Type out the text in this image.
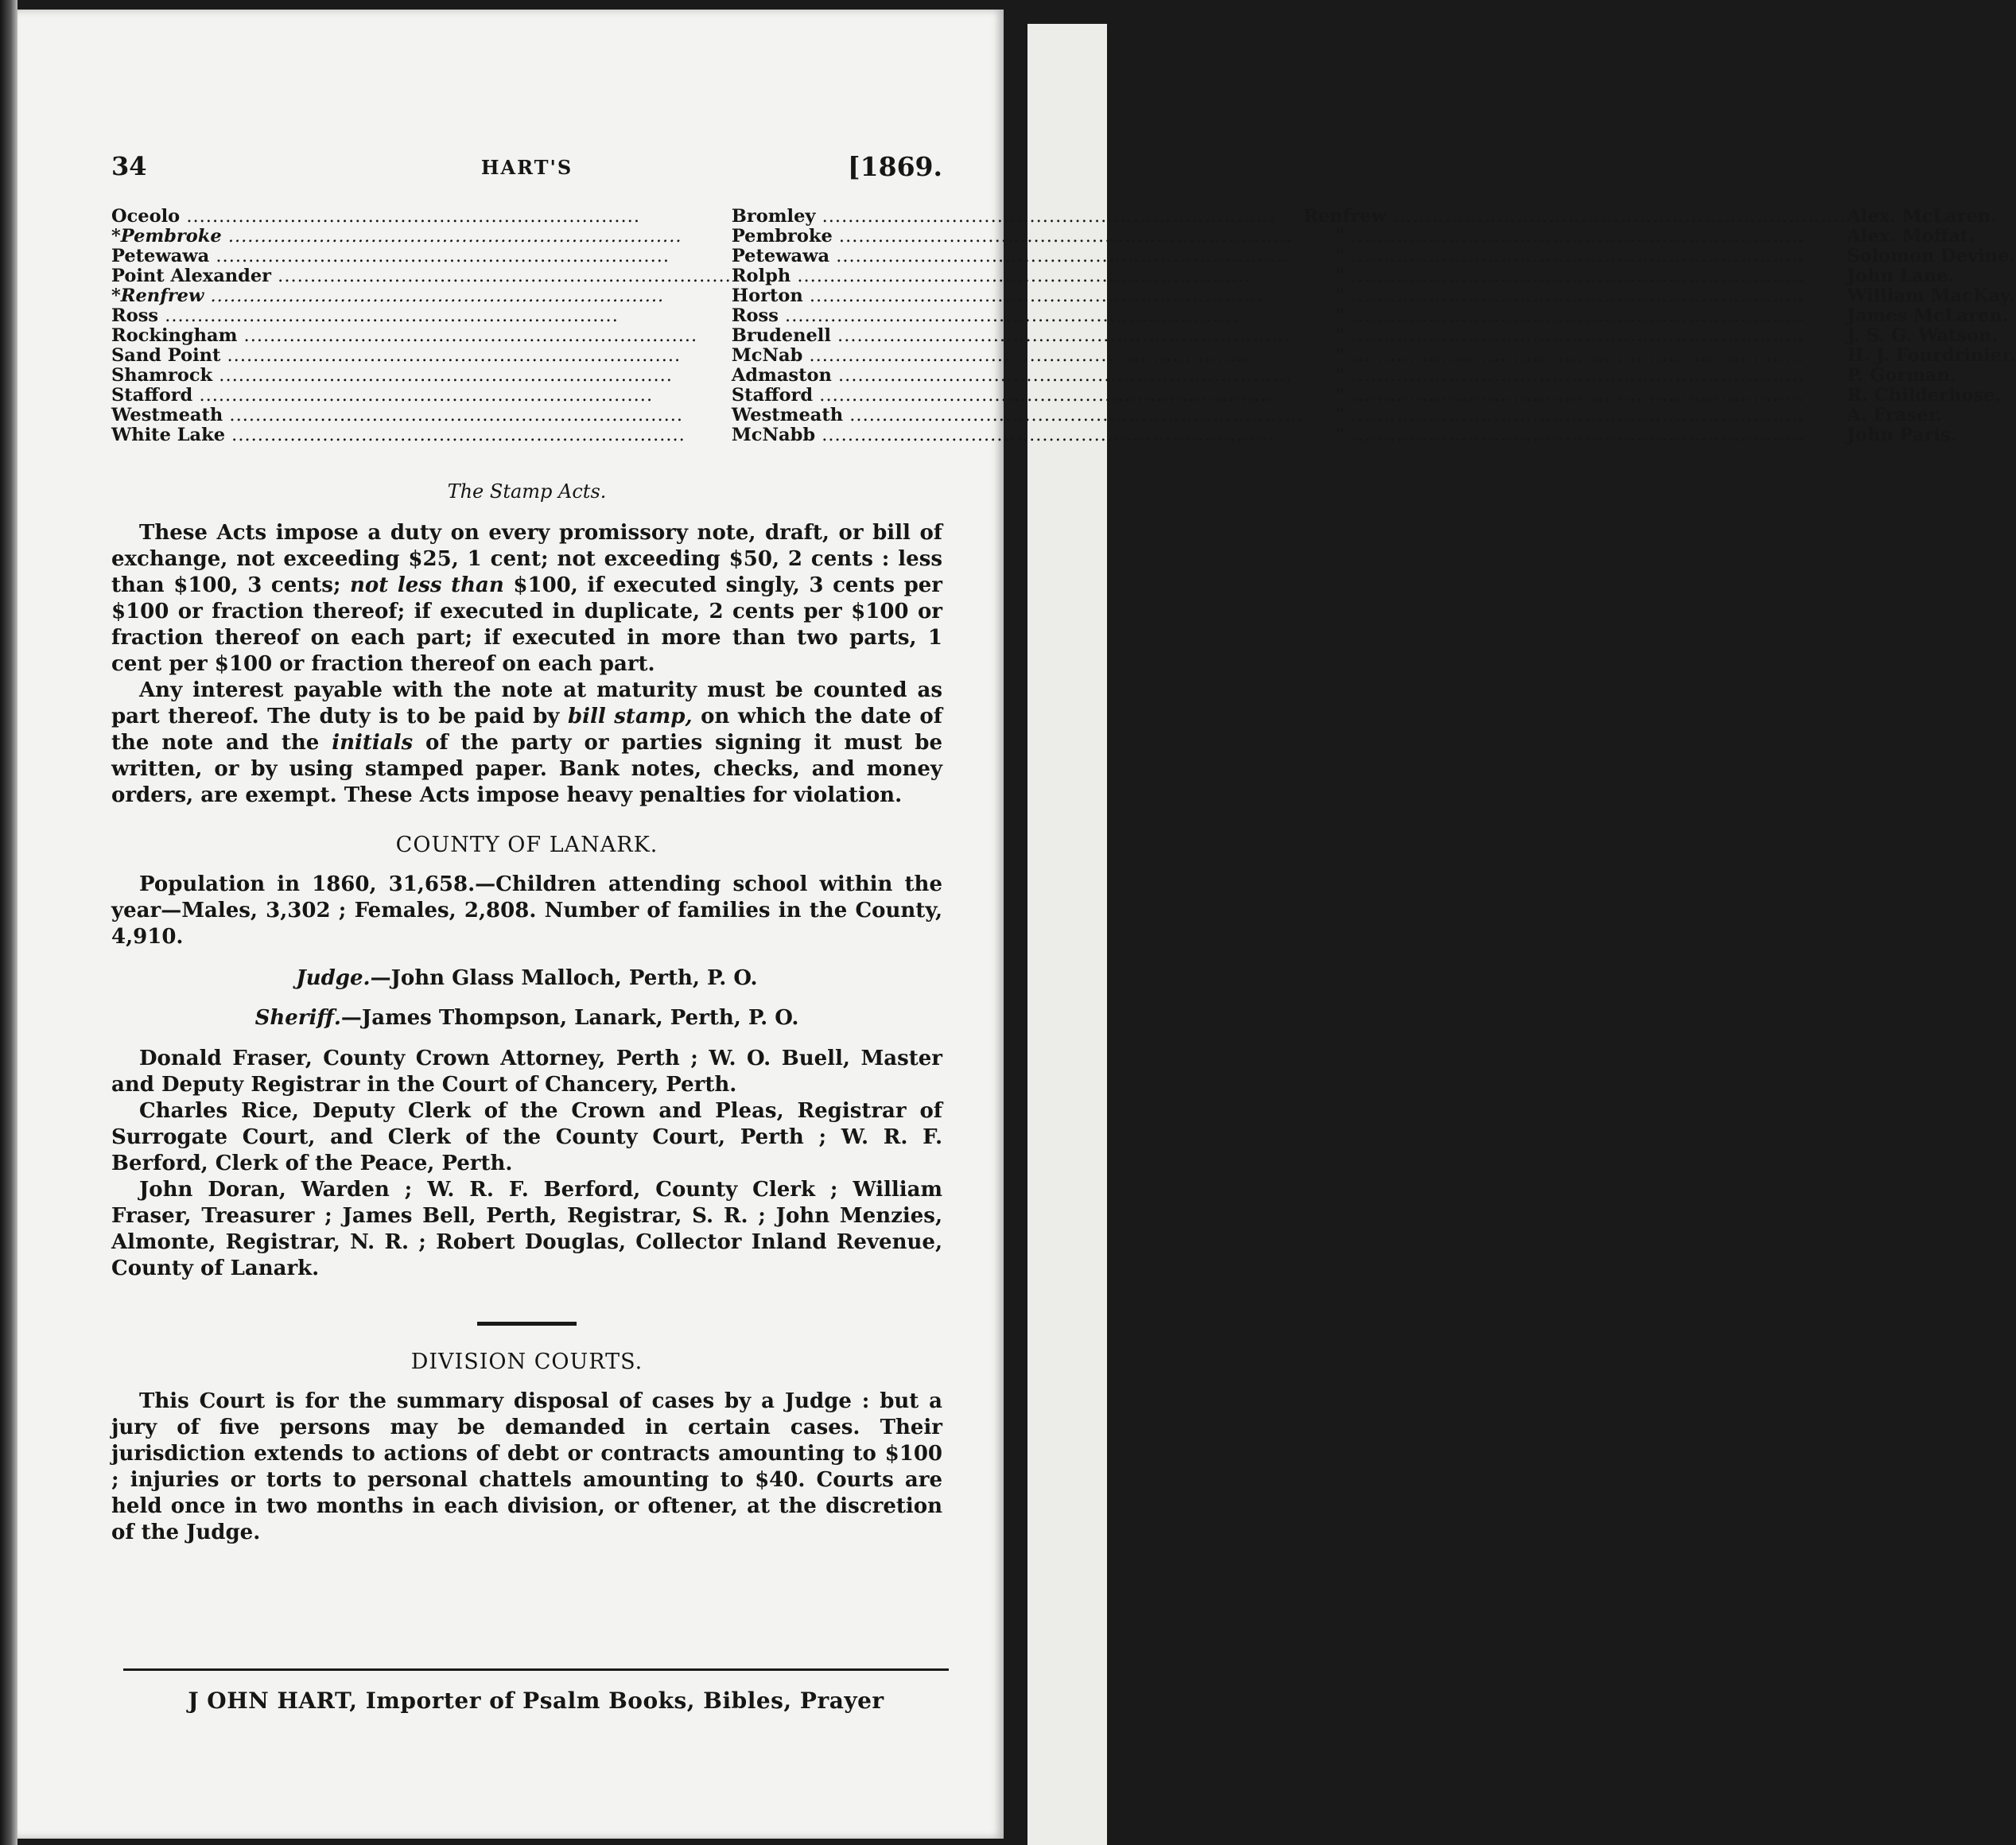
34	HART'S	[1869.
Oceolo .....	Bromley .....	Renfrew .....	Alex. McLaren.
*Pembroke .....	Pembroke .....	" .....	Alex. Moffat.
Petewawa .....	Petewawa .....	" .....	Solomon Devine.
Point Alexander .....	Rolph .....	" .....	John Lane.
*Renfrew .....	Horton .....	" .....	William MacKay.
Ross .....	Ross .....	" .....	James McLaren.
Rockingham .....	Brudenell .....	" .....	J. S. G. Watson.
Sand Point .....	McNab .....	" .....	H. J. Fourdrinier.
Shamrock .....	Admaston .....	" .....	P. Gorman.
Stafford .....	Stafford .....	" .....	R. Childerhose.
Westmeath .....	Westmeath .....	" .....	A. Fraser.
White Lake .....	McNabb .....	" .....	John Paris.
The Stamp Acts.

These Acts impose a duty on every promissory note, draft, or bill of exchange, not exceeding $25, 1 cent; not exceeding $50, 2 cents : less than $100, 3 cents; not less than $100, if executed singly, 3 cents per $100 or fraction thereof; if executed in duplicate, 2 cents per $100 or fraction thereof on each part; if executed in more than two parts, 1 cent per $100 or fraction thereof on each part.

Any interest payable with the note at maturity must be counted as part thereof. The duty is to be paid by bill stamp, on which the date of the note and the initials of the party or parties signing it must be written, or by using stamped paper. Bank notes, checks, and money orders, are exempt. These Acts impose heavy penalties for violation.

COUNTY OF LANARK.

Population in 1860, 31,658.—Children attending school within the year—Males, 3,302 ; Females, 2,808. Number of families in the County, 4,910.

Judge.—John Glass Malloch, Perth, P. O.
Sheriff.—James Thompson, Lanark, Perth, P. O.

Donald Fraser, County Crown Attorney, Perth ; W. O. Buell, Master and Deputy Registrar in the Court of Chancery, Perth.

Charles Rice, Deputy Clerk of the Crown and Pleas, Registrar of Surrogate Court, and Clerk of the County Court, Perth ; W. R. F. Berford, Clerk of the Peace, Perth.

John Doran, Warden ; W. R. F. Berford, County Clerk ; William Fraser, Treasurer ; James Bell, Perth, Registrar, S. R. ; John Menzies, Almonte, Registrar, N. R. ; Robert Douglas, Collector Inland Revenue, County of Lanark.

DIVISION COURTS.

This Court is for the summary disposal of cases by a Judge : but a jury of five persons may be demanded in certain cases. Their jurisdiction extends to actions of debt or contracts amounting to $100 ; injuries or torts to personal chattels amounting to $40. Courts are held once in two months in each division, or oftener, at the discretion of the Judge.

J OHN HART, Importer of Psalm Books, Bibles, Prayer
